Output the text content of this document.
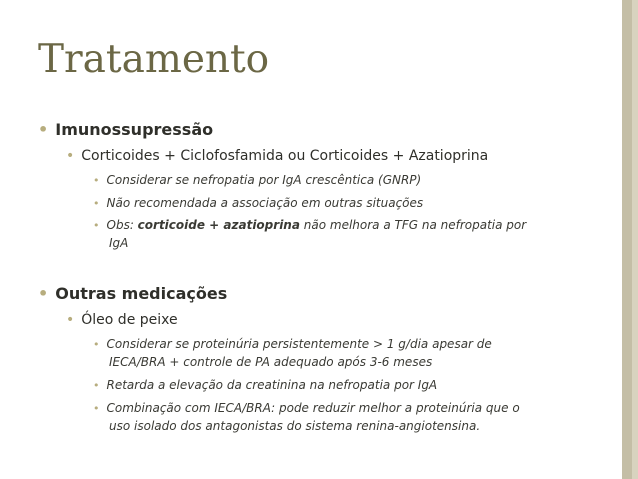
Tratamento
• Imunossupressão
• Corticoides + Ciclofosfamida ou Corticoides + Azatioprina
• Considerar se nefropatia por IgA crescêntica (GNRP)
• Não recomendada a associação em outras situações
• Obs: corticoide + azatioprina não melhora a TFG na nefropatia por
IgA
• Outras medicações
• Óleo de peixe
• Considerar se proteinúria persistentemente > 1 g/dia apesar de
IECA/BRA + controle de PA adequado após 3-6 meses
• Retarda a elevação da creatinina na nefropatia por IgA
• Combinação com IECA/BRA: pode reduzir melhor a proteinúria que o
uso isolado dos antagonistas do sistema renina-angiotensina.
